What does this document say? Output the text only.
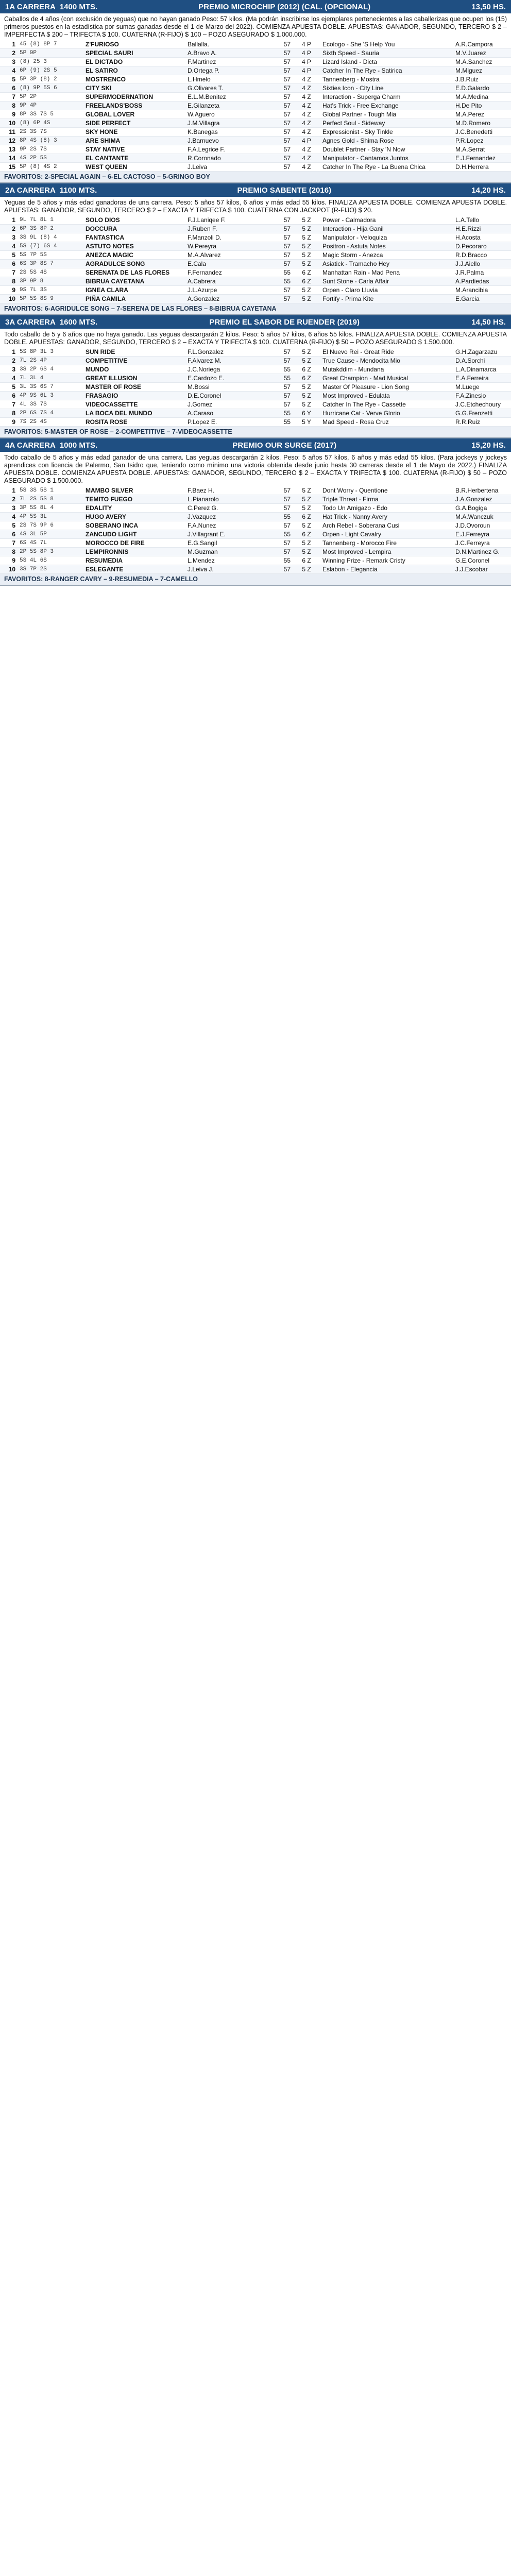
1A CARRERA 1400 MTS.	PREMIO MICROCHIP (2012) (CAL. (OPCIONAL)	13,50 HS.
Caballos de 4 años (con exclusión de yeguas) que no hayan ganado Peso: 57 kilos. (Ma podrán inscribirse los ejemplares pertenecientes a las caballerizas que ocupen los (15) primeros puestos en la estadística por sumas ganadas desde el 1 de Marzo del 2022). COMIENZA APUESTA DOBLE. APUESTAS: GANADOR, SEGUNDO, TERCERO $ 2 – IMPERFECTA $ 200 – TRIFECTA $ 100. CUATERNA (R-FIJO) $ 100 – POZO ASEGURADO $ 1.000.000.
1	45 (8) 8P 7	Z'FURIOSO	Ballalla.	57	4 P	Ecologo - She 'S Help You	A.R.Campora
2	5P 9P	SPECIAL SAURI	A.Bravo A.	57	4 P	Sixth Speed - Sauria	M.V.Juarez
3	(8) 25 3	EL DICTADO	F.Martinez	57	4 P	Lizard Island - Dicta	M.A.Sanchez
4	6P (9) 2S 5	EL SATIRO	D.Ortega P.	57	4 P	Catcher In The Rye - Satirica	M.Miguez
5	5P 3P (8) 2	MOSTRENCO	L.Hmelo	57	4 Z	Tannenberg - Mostra	J.B.Ruiz
6	(8) 9P 5S 6	CITY SKI	G.Olivares T.	57	4 Z	Sixties Icon - City Line	E.D.Galardo
7	5P 2P	SUPERMODERNATION	E.L.M.Benitez	57	4 Z	Interaction - Superga Charm	M.A.Medina
8	9P 4P	FREELANDS'BOSS	E.Gilanzeta	57	4 Z	Hat's Trick - Free Exchange	H.De Pito
9	8P 3S 7S 5	GLOBAL LOVER	W.Aguero	57	4 Z	Global Partner - Tough Mia	M.A.Perez
10	(8) 6P 4S	SIDE PERFECT	J.M.Villagra	57	4 Z	Perfect Soul - Sideway	M.D.Romero
11	2S 3S 7S	SKY HONE	K.Banegas	57	4 Z	Expressionist - Sky Tinkle	J.C.Benedetti
12	8P 4S (8) 3	ARE SHIMA	J.Barnuevo	57	4 P	Agnes Gold - Shima Rose	P.R.Lopez
13	9P 2S 7S	STAY NATIVE	F.A.Legrice F.	57	4 Z	Doublet Partner - Stay 'N Now	M.A.Serrat
14	4S 2P 5S	EL CANTANTE	R.Coronado	57	4 Z	Manipulator - Cantamos Juntos	E.J.Fernandez
15	5P (8) 4S 2	WEST QUEEN	J.Leiva	57	4 Z	Catcher In The Rye - La Buena Chica	D.H.Herrera
FAVORITOS: 2-SPECIAL AGAIN – 6-EL CACTOSO – 5-GRINGO BOY
2A CARRERA 1100 MTS.	PREMIO SABENTE (2016)	14,20 HS.
Yeguas de 5 años y más edad ganadoras de una carrera. Peso: 5 años 57 kilos, 6 años y más edad 55 kilos. FINALIZA APUESTA DOBLE. COMIENZA APUESTA DOBLE. APUESTAS: GANADOR, SEGUNDO, TERCERO $ 2 – EXACTA Y TRIFECTA $ 100. CUATERNA CON JACKPOT (R-FIJO) $ 20.
1	9L 7L 8L 1	SOLO DIOS	F.J.Laniqee F.	57	5 Z	Power - Calmadora	L.A.Tello
2	6P 3S 8P 2	DOCCURA	J.Ruben F.	57	5 Z	Interaction - Hija Ganil	H.E.Rizzi
3	3S 9L (8) 4	FANTASTICA	F.Manzoli D.	57	5 Z	Manipulator - Veloquiza	H.Acosta
4	5S (7) 6S 4	ASTUTO NOTES	W.Pereyra	57	5 Z	Positron - Astuta Notes	D.Pecoraro
5	5S 7P 5S	ANEZCA MAGIC	M.A.Alvarez	57	5 Z	Magic Storm - Anezca	R.D.Bracco
6	6S 3P 8S 7	AGRADULCE SONG	E.Cala	57	5 Z	Asiatick - Tramacho Hey	J.J.Aiello
7	2S 5S 4S	SERENATA DE LAS FLORES	F.Fernandez	55	6 Z	Manhattan Rain - Mad Pena	J.R.Palma
8	3P 9P 8	BIBRUA CAYETANA	A.Cabrera	55	6 Z	Sunt Stone - Carla Affair	A.Pardiedas
9	9S 7L 3S	IGNEA CLARA	J.L.Azurpe	57	5 Z	Orpen - Claro Lluvia	M.Arancibia
10	5P 5S 8S 9	PIÑA CAMILA	A.Gonzalez	57	5 Z	Fortify - Prima Kite	E.Garcia
FAVORITOS: 6-AGRIDULCE SONG – 7-SERENA DE LAS FLORES – 8-BIBRUA CAYETANA
3A CARRERA 1600 MTS.	PREMIO EL SABOR DE RUENDER (2019)	14,50 HS.
Todo caballo de 5 y 6 años que no haya ganado. Las yeguas descargarán 2 kilos. Peso: 5 años 57 kilos, 6 años 55 kilos. FINALIZA APUESTA DOBLE. COMIENZA APUESTA DOBLE. APUESTAS: GANADOR, SEGUNDO, TERCERO $ 2 – EXACTA Y TRIFECTA $ 100. CUATERNA (R-FIJO) $ 50 – POZO ASEGURADO $ 1.500.000.
1	5S 8P 3L 3	SUN RIDE	F.L.Gonzalez	57	5 Z	El Nuevo Rei - Great Ride	G.H.Zagarzazu
2	7L 2S 4P	COMPETITIVE	F.Alvarez M.	57	5 Z	True Cause - Mendocita Mio	D.A.Sorchi
3	3S 2P 6S 4	MUNDO	J.C.Noriega	55	6 Z	Mutakddim - Mundana	L.A.Dinamarca
4	7L 3L 4	GREAT ILLUSION	E.Cardozo E.	55	6 Z	Great Champion - Mad Musical	E.A.Ferreira
5	3L 3S 6S 7	MASTER OF ROSE	M.Bossi	57	5 Z	Master Of Pleasure - Lion Song	M.Luege
6	4P 9S 6L 3	FRASAGIO	D.E.Coronel	57	5 Z	Most Improved - Edulata	F.A.Zinesio
7	4L 3S 7S	VIDEOCASSETTE	J.Gomez	57	5 Z	Catcher In The Rye - Cassette	J.C.Etchechoury
8	2P 6S 7S 4	LA BOCA DEL MUNDO	A.Caraso	55	6 Y	Hurricane Cat - Verve Glorio	G.G.Frenzetti
9	7S 2S 4S	ROSITA ROSE	P.Lopez E.	55	5 Y	Mad Speed - Rosa Cruz	R.R.Ruiz
FAVORITOS: 5-MASTER OF ROSE – 2-COMPETITIVE – 7-VIDEOCASSETTE
4A CARRERA 1000 MTS.	PREMIO OUR SURGE (2017)	15,20 HS.
Todo caballo de 5 años y más edad ganador de una carrera. Las yeguas descargarán 2 kilos. Peso: 5 años 57 kilos, 6 años y más edad 55 kilos. (Para jockeys y jockeys aprendices con licencia de Palermo, San Isidro que, teniendo como mínimo una victoria obtenida desde junio hasta 30 carreras desde el 1 de Mayo de 2022.) FINALIZA APUESTA DOBLE. COMIENZA APUESTA DOBLE. APUESTAS: GANADOR, SEGUNDO, TERCERO $ 2 – EXACTA Y TRIFECTA $ 100. CUATERNA (R-FIJO) $ 50 – POZO ASEGURADO $ 1.500.000.
1	5S 3S 5S 1	MAMBO SILVER	F.Baez H.	57	5 Z	Dont Worry - Quentione	B.R.Herbertena
2	7L 2S 5S 8	TEMITO FUEGO	L.Pianarolo	57	5 Z	Triple Threat - Firma	J.A.Gonzalez
3	3P 5S 8L 4	EDALITY	C.Perez G.	57	5 Z	Todo Un Amigazo - Edo	G.A.Bogiga
4	4P 5S 3L	HUGO AVERY	J.Vazquez	55	6 Z	Hat Trick - Nanny Avery	M.A.Wanczuk
5	2S 7S 9P 6	SOBERANO INCA	F.A.Nunez	57	5 Z	Arch Rebel - Soberana Cusi	J.D.Ovoroun
6	4S 3L 5P	ZANCUDO LIGHT	J.Villagrant E.	55	6 Z	Orpen - Light Cavalry	E.J.Ferreyra
7	6S 4S 7L	MOROCCO DE FIRE	E.G.Sangil	57	5 Z	Tannenberg - Morocco Fire	J.C.Ferreyra
8	2P 5S 8P 3	LEMPIRONNIS	M.Guzman	57	5 Z	Most Improved - Lempira	D.N.Martinez G.
9	5S 4L 6S	RESUMEDIA	L.Mendez	55	6 Z	Winning Prize - Remark Cristy	G.E.Coronel
10	3S 7P 2S	ESLEGANTE	J.Leiva J.	57	5 Z	Eslabon - Elegancia	J.J.Escobar
FAVORITOS: 8-RANGER CAVRY – 9-RESUMEDIA – 7-CAMELLO
